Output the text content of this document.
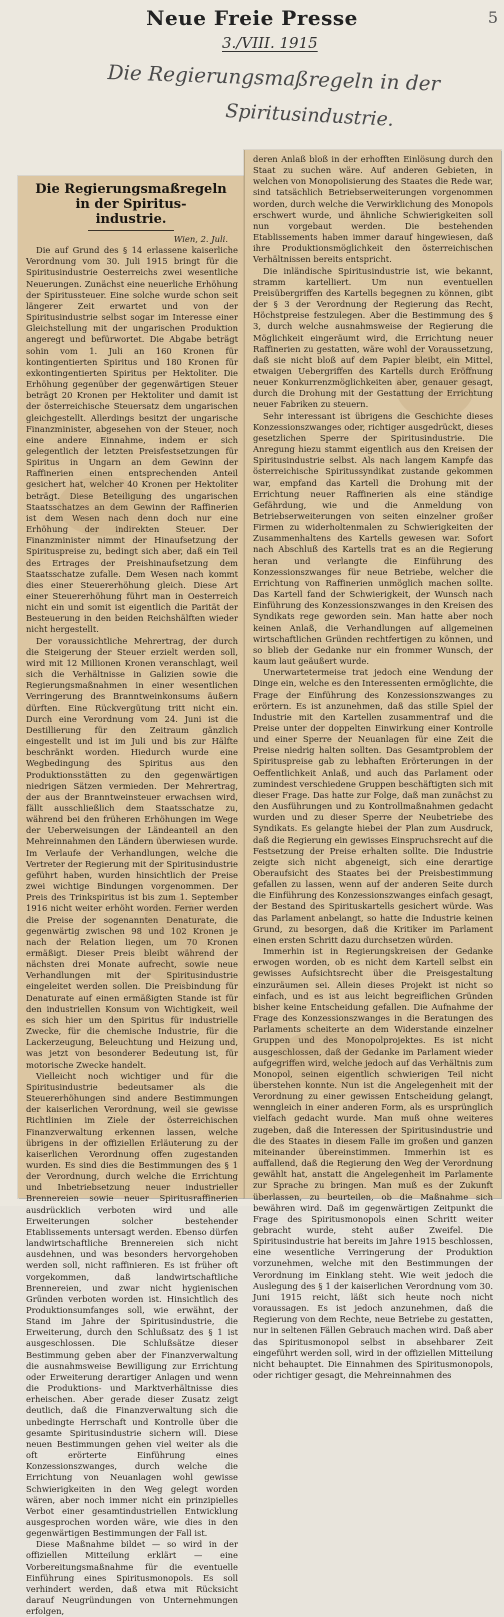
Neue Freie Presse
3./VIII. 1915
5
Die Regierungsmaßregeln in der
Spiritusindustrie.
Die Regierungsmaßregeln in der Spiritus-
industrie.
Wien, 2. Juli.

Die auf Grund des § 14 erlassene kaiserliche Verordnung vom 30. Juli 1915 bringt für die Spiritusindustrie Oesterreichs zwei wesentliche Neuerungen. Zunächst eine neuerliche Erhöhung der Spiritussteuer. Eine solche wurde schon seit längerer Zeit erwartet und von der Spiritusindustrie selbst sogar im Interesse einer Gleichstellung mit der ungarischen Produktion angeregt und befürwortet. Die Abgabe beträgt sohin vom 1. Juli an 160 Kronen für kontingentierten Spiritus und 180 Kronen für exkontingentierten Spiritus per Hektoliter. Die Erhöhung gegenüber der gegenwärtigen Steuer beträgt 20 Kronen per Hektoliter und damit ist der österreichische Steuersatz dem ungarischen gleichgestellt. Allerdings besitzt der ungarische Finanzminister, abgesehen von der Steuer, noch eine andere Einnahme, indem er sich gelegentlich der letzten Preisfestsetzungen für Spiritus in Ungarn an dem Gewinn der Raffinerien einen entsprechenden Anteil gesichert hat, welcher 40 Kronen per Hektoliter beträgt. Diese Beteiligung des ungarischen Staatsschatzes an dem Gewinn der Raffinerien ist dem Wesen nach denn doch nur eine Erhöhung der indirekten Steuer. Der Finanzminister nimmt der Hinaufsetzung der Spirituspreise zu, bedingt sich aber, daß ein Teil des Ertrages der Preishinaufsetzung dem Staatsschatze zufalle. Dem Wesen nach kommt dies einer Steuererhöhung gleich. Diese Art einer Steuererhöhung führt man in Oesterreich nicht ein und somit ist eigentlich die Parität der Besteuerung in den beiden Reichshälften wieder nicht hergestellt.

Der voraussichtliche Mehrertrag, der durch die Steigerung der Steuer erzielt werden soll, wird mit 12 Millionen Kronen veranschlagt, weil sich die Verhältnisse in Galizien sowie die Regierungsmaßnahmen in einer wesentlichen Verringerung des Branntweinkonsums äußern dürften. Eine Rückvergütung tritt nicht ein. Durch eine Verordnung vom 24. Juni ist die Destillierung für den Zeitraum gänzlich eingestellt und ist im Juli und bis zur Hälfte beschränkt worden. Hiedurch wurde eine Wegbedingung des Spiritus aus den Produktionsstätten zu den gegenwärtigen niedrigen Sätzen vermieden. Der Mehrertrag, der aus der Branntweinsteuer erwachsen wird, fällt ausschließlich dem Staatsschatze zu, während bei den früheren Erhöhungen im Wege der Ueberweisungen der Ländeanteil an den Mehreinnahmen den Ländern überwiesen wurde. Im Verlaufe der Verhandlungen, welche die Vertreter der Regierung mit der Spiritusindustrie geführt haben, wurden hinsichtlich der Preise zwei wichtige Bindungen vorgenommen. Der Preis des Trinkspiritus ist bis zum 1. September 1916 nicht weiter erhöht worden. Ferner werden die Preise der sogenannten Denaturate, die gegenwärtig zwischen 98 und 102 Kronen je nach der Relation liegen, um 70 Kronen ermäßigt. Dieser Preis bleibt während der nächsten drei Monate aufrecht, sowie neue Verhandlungen mit der Spiritusindustrie eingeleitet werden sollen. Die Preisbindung für Denaturate auf einen ermäßigten Stande ist für den industriellen Konsum von Wichtigkeit, weil es sich hier um den Spiritus für industrielle Zwecke, für die chemische Industrie, für die Lackerzeugung, Beleuchtung und Heizung und, was jetzt von besonderer Bedeutung ist, für motorische Zwecke handelt.

Vielleicht noch wichtiger und für die Spiritusindustrie bedeutsamer als die Steuererhöhungen sind andere Bestimmungen der kaiserlichen Verordnung, weil sie gewisse Richtlinien im Ziele der österreichischen Finanzverwaltung erkennen lassen, welche übrigens in der offiziellen Erläuterung zu der kaiserlichen Verordnung offen zugestanden wurden. Es sind dies die Bestimmungen des § 1 der Verordnung, durch welche die Errichtung und Inbetriebsetzung neuer industrieller Brennereien sowie neuer Spiritusraffinerien ausdrücklich verboten wird und alle Erweiterungen solcher bestehender Etablissements untersagt werden. Ebenso dürfen landwirtschaftliche Brennereien sich nicht ausdehnen, und was besonders hervorgehoben werden soll, nicht raffinieren. Es ist früher oft vorgekommen, daß landwirtschaftliche Brennereien, und zwar nicht hygienischen Gründen verboten worden ist. Hinsichtlich des Produktionsumfanges soll, wie erwähnt, der Stand im Jahre der Spiritusindustrie, die Erweiterung, durch den Schlußsatz des § 1 ist ausgeschlossen. Die Schlußsätze dieser Bestimmung geben aber der Finanzverwaltung die ausnahmsweise Bewilligung zur Errichtung oder Erweiterung derartiger Anlagen und wenn die Produktions- und Marktverhältnisse dies erheischen. Aber gerade dieser Zusatz zeigt deutlich, daß die Finanzverwaltung sich die unbedingte Herrschaft und Kontrolle über die gesamte Spiritusindustrie sichern will. Diese neuen Bestimmungen gehen viel weiter als die oft erörterte Einführung eines Konzessionszwanges, durch welche die Errichtung von Neuanlagen wohl gewisse Schwierigkeiten in den Weg gelegt worden wären, aber noch immer nicht ein prinzipielles Verbot einer gesamtindustriellen Entwicklung ausgesprochen worden wäre, wie dies in den gegenwärtigen Bestimmungen der Fall ist.

Diese Maßnahme bildet — so wird in der offiziellen Mitteilung erklärt — eine Vorbereitungsmaßnahme für die eventuelle Einführung eines Spiritusmonopols. Es soll verhindert werden, daß etwa mit Rücksicht darauf Neugründungen von Unternehmungen erfolgen,

deren Anlaß bloß in der erhofften Einlösung durch den Staat zu suchen wäre. Auf anderen Gebieten, in welchen von Monopolisierung des Staates die Rede war, sind tatsächlich Betriebserweiterungen vorgenommen worden, durch welche die Verwirklichung des Monopols erschwert wurde, und ähnliche Schwierigkeiten soll nun vorgebaut werden. Die bestehenden Etablissements haben immer darauf hingewiesen, daß ihre Produktionsmöglichkeit den österreichischen Verhältnissen bereits entspricht.

Die inländische Spiritusindustrie ist, wie bekannt, stramm kartelliert. Um nun eventuellen Preisübergriffen des Kartells begegnen zu können, gibt der § 3 der Verordnung der Regierung das Recht, Höchstpreise festzulegen. Aber die Bestimmung des § 3, durch welche ausnahmsweise der Regierung die Möglichkeit eingeräumt wird, die Errichtung neuer Raffinerien zu gestatten, wäre wohl der Voraussetzung, daß sie nicht bloß auf dem Papier bleibt, ein Mittel, etwaigen Uebergriffen des Kartells durch Eröffnung neuer Konkurrenzmöglichkeiten aber, genauer gesagt, durch die Drohung mit der Gestattung der Errichtung neuer Fabriken zu steuern.

Sehr interessant ist übrigens die Geschichte dieses Konzessionszwanges oder, richtiger ausgedrückt, dieses gesetzlichen Sperre der Spiritusindustrie. Die Anregung hiezu stammt eigentlich aus den Kreisen der Spiritusindustrie selbst. Als nach langem Kampfe das österreichische Spiritussyndikat zustande gekommen war, empfand das Kartell die Drohung mit der Errichtung neuer Raffinerien als eine ständige Gefährdung, wie und die Anmeldung von Betriebserweiterungen von seiten einzelner großer Firmen zu widerholtenmalen zu Schwierigkeiten der Zusammenhaltens des Kartells gewesen war. Sofort nach Abschluß des Kartells trat es an die Regierung heran und verlangte die Einführung des Konzessionszwanges für neue Betriebe, welcher die Errichtung von Raffinerien unmöglich machen sollte. Das Kartell fand der Schwierigkeit, der Wunsch nach Einführung des Konzessionszwanges in den Kreisen des Syndikats rege geworden sein. Man hatte aber noch keinen Anlaß, die Verhandlungen auf allgemeinen wirtschaftlichen Gründen rechtfertigen zu können, und so blieb der Gedanke nur ein frommer Wunsch, der kaum laut geäußert wurde.

Unerwartetermeise trat jedoch eine Wendung der Dinge ein, welche es den Interessenten ermöglichte, die Frage der Einführung des Konzessionszwanges zu erörtern. Es ist anzunehmen, daß das stille Spiel der Industrie mit den Kartellen zusammentraf und die Preise unter der doppelten Einwirkung einer Kontrolle und einer Sperre der Neuanlagen für eine Zeit die Preise niedrig halten sollten. Das Gesamtproblem der Spirituspreise gab zu lebhaften Erörterungen in der Oeffentlichkeit Anlaß, und auch das Parlament oder zumindest verschiedene Gruppen beschäftigten sich mit dieser Frage. Das hatte zur Folge, daß man zunächst zu den Ausführungen und zu Kontrollmaßnahmen gedacht wurden und zu dieser Sperre der Neubetriebe des Syndikats. Es gelangte hiebei der Plan zum Ausdruck, daß die Regierung ein gewisses Einspruchsrecht auf die Festsetzung der Preise erhalten sollte. Die Industrie zeigte sich nicht abgeneigt, sich eine derartige Oberaufsicht des Staates bei der Preisbestimmung gefallen zu lassen, wenn auf der anderen Seite durch die Einführung des Konzessionszwanges einfach gesagt, der Bestand des Spirituskartells gesichert würde. Was das Parlament anbelangt, so hatte die Industrie keinen Grund, zu besorgen, daß die Kritiker im Parlament einen ersten Schritt dazu durchsetzen würden.

Immerhin ist in Regierungskreisen der Gedanke erwogen worden, ob es nicht dem Kartell selbst ein gewisses Aufsichtsrecht über die Preisgestaltung einzuräumen sei. Allein dieses Projekt ist nicht so einfach, und es ist aus leicht begreiflichen Gründen bisher keine Entscheidung gefallen. Die Aufnahme der Frage des Konzessionszwanges in die Beratungen des Parlaments scheiterte an dem Widerstande einzelner Gruppen und des Monopolprojektes. Es ist nicht ausgeschlossen, daß der Gedanke im Parlament wieder aufgegriffen wird, welche jedoch auf das Verhältnis zum Monopol, seinen eigentlich schwierigen Teil nicht überstehen konnte. Nun ist die Angelegenheit mit der Verordnung zu einer gewissen Entscheidung gelangt, wenngleich in einer anderen Form, als es ursprünglich vielfach gedacht wurde. Man muß ohne weiteres zugeben, daß die Interessen der Spiritusindustrie und die des Staates in diesem Falle im großen und ganzen miteinander übereinstimmen. Immerhin ist es auffallend, daß die Regierung den Weg der Verordnung gewählt hat, anstatt die Angelegenheit im Parlamente zur Sprache zu bringen. Man muß es der Zukunft überlassen, zu beurteilen, ob die Maßnahme sich bewähren wird. Daß im gegenwärtigen Zeitpunkt die Frage des Spiritusmonopols einen Schritt weiter gebracht wurde, steht außer Zweifel. Die Spiritusindustrie hat bereits im Jahre 1915 beschlossen, eine wesentliche Verringerung der Produktion vorzunehmen, welche mit den Bestimmungen der Verordnung im Einklang steht. Wie weit jedoch die Auslegung des § 1 der kaiserlichen Verordnung vom 30. Juni 1915 reicht, läßt sich heute noch nicht voraussagen. Es ist jedoch anzunehmen, daß die Regierung von dem Rechte, neue Betriebe zu gestatten, nur in seltenen Fällen Gebrauch machen wird. Daß aber das Spiritusmonopol selbst in absehbarer Zeit eingeführt werden soll, wird in der offiziellen Mitteilung nicht behauptet. Die Einnahmen des Spiritusmonopols, oder richtiger gesagt, die Mehreinnahmen des
